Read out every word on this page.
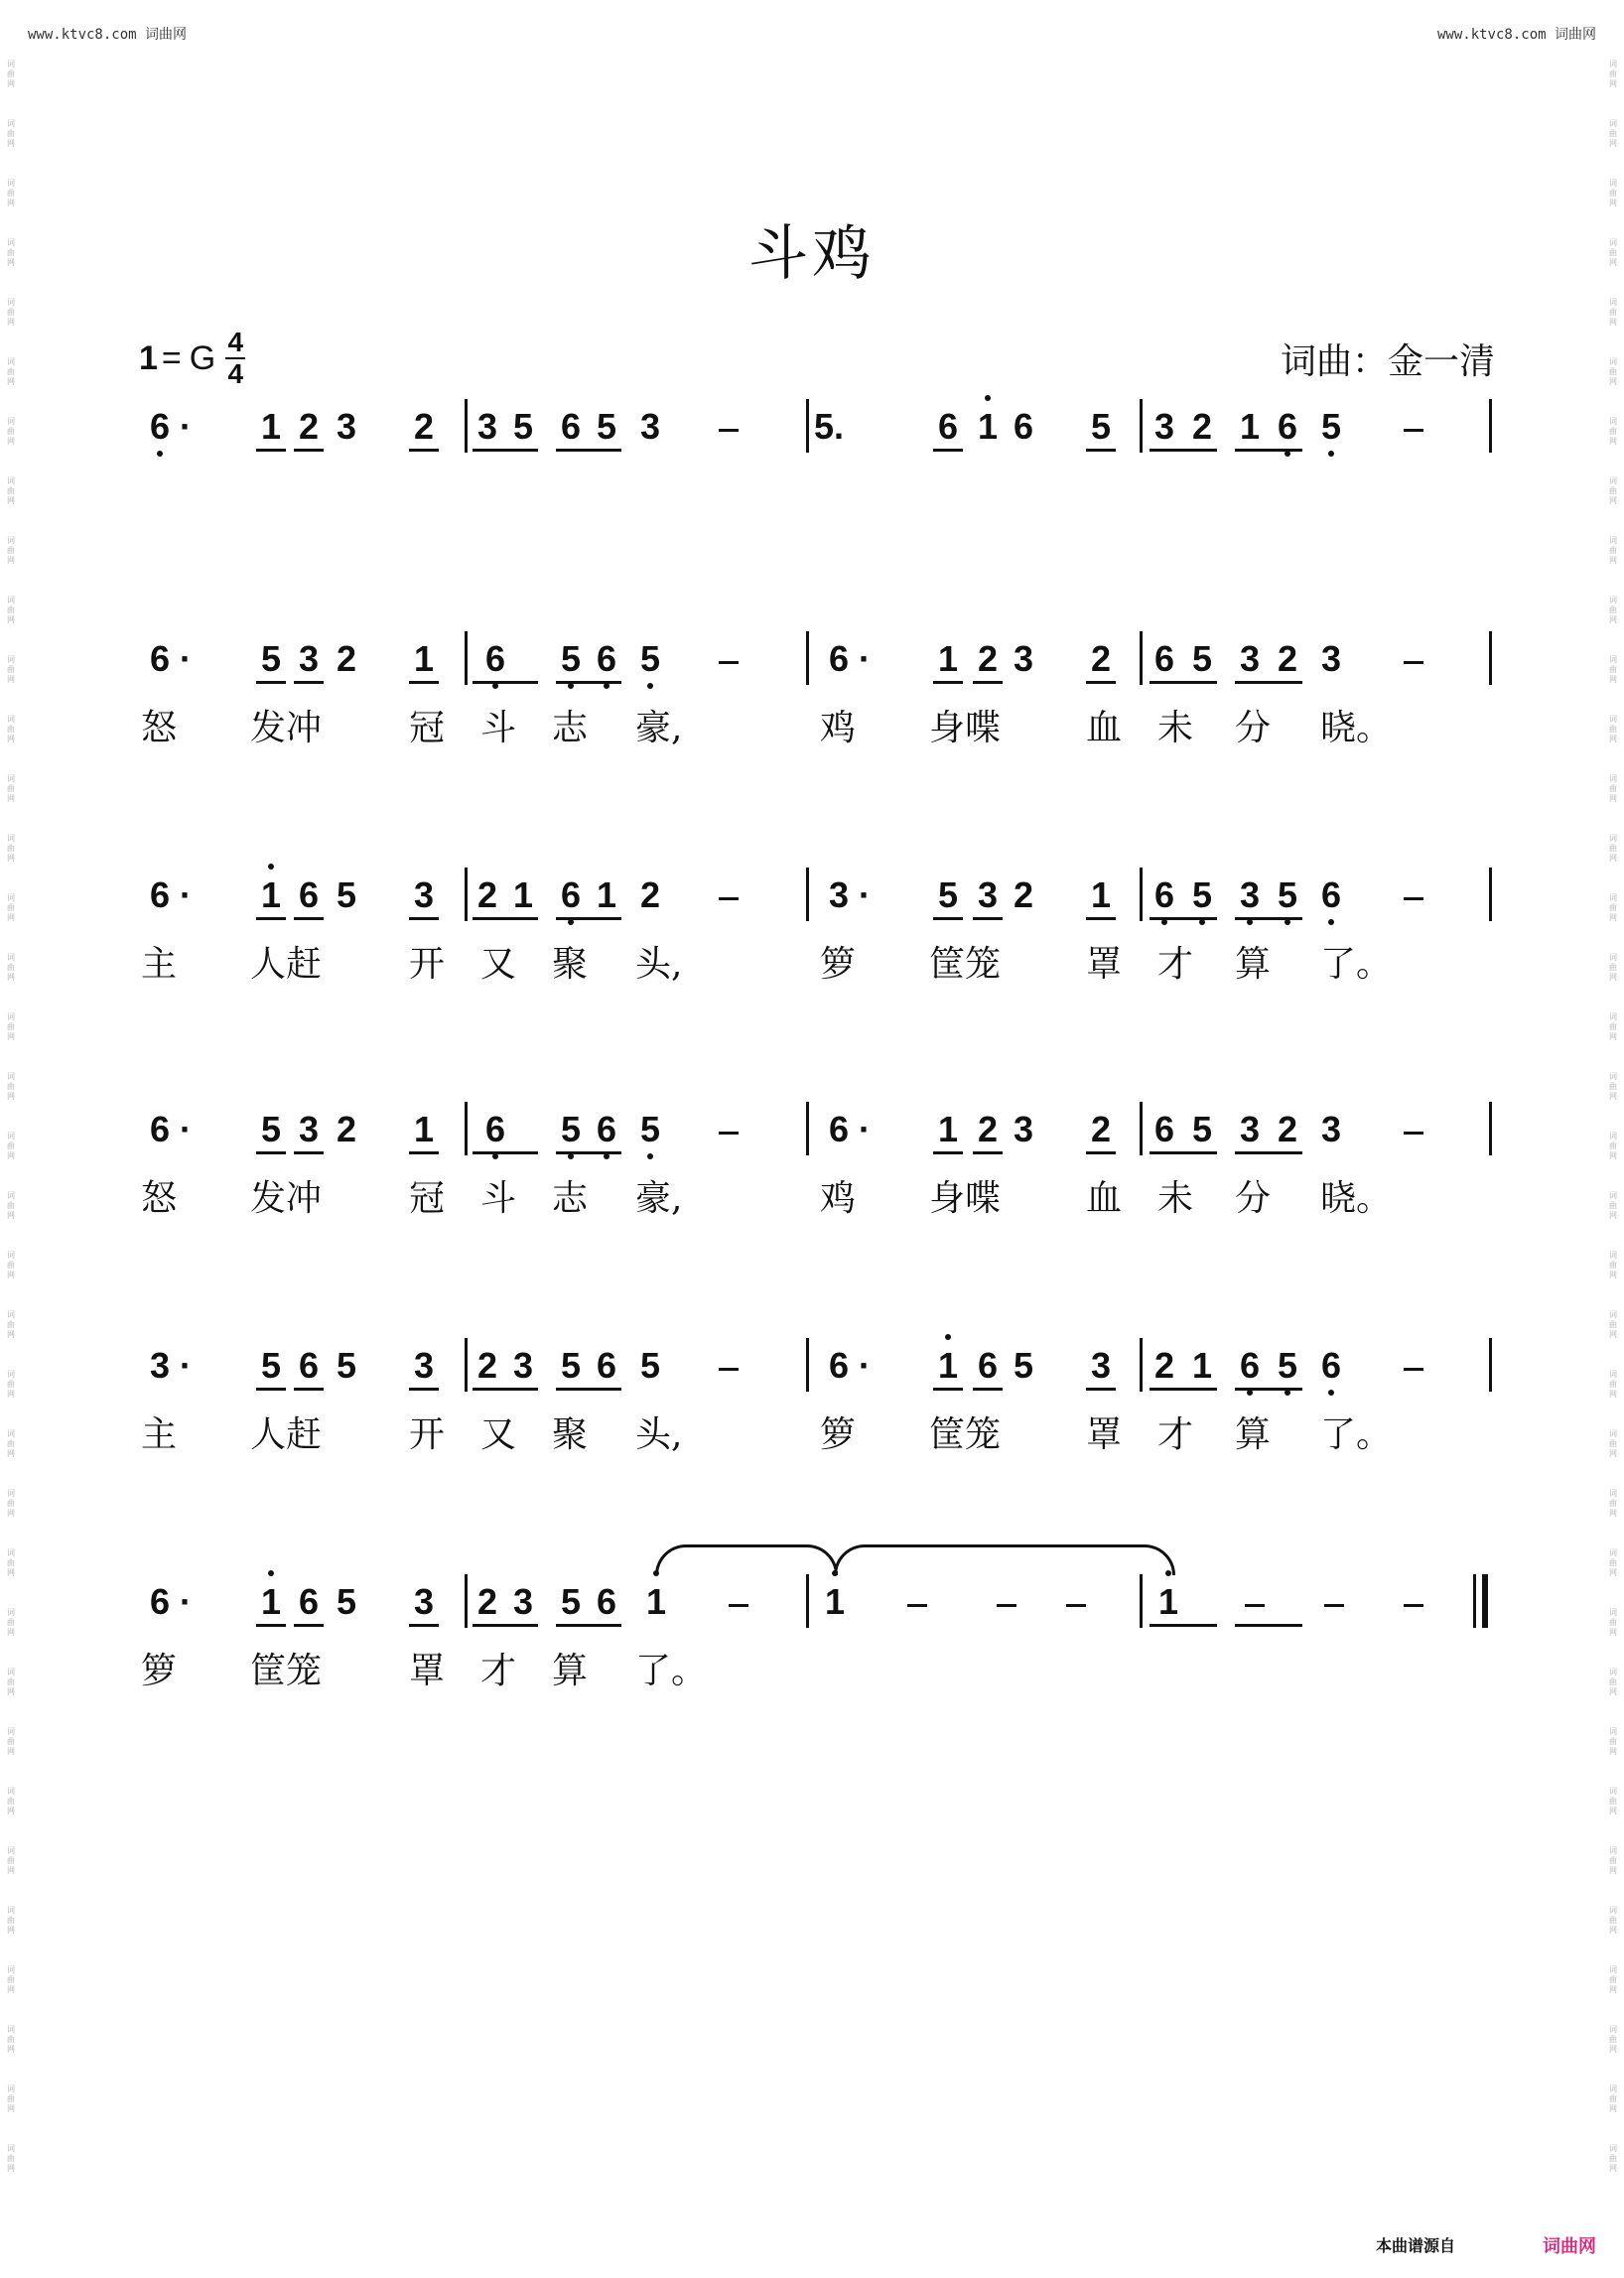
www.ktvc8.com 词曲网	www.ktvc8.com 词曲网
词
曲
网
词
曲
网
词
曲
网
词
曲
网
词
曲
网
词
曲
网
词
曲
网
词
曲
网
词
曲
网
词
曲
网
词
曲
网
词
曲
网
词
曲
网
词
曲
网
词
曲
网
词
曲
网
词
曲
网
词
曲
网
词
曲
网
词
曲
网
词
曲
网
词
曲
网
词
曲
网
词
曲
网
词
曲
网
词
曲
网
词
曲
网
词
曲
网
词
曲
网
词
曲
网
词
曲
网
词
曲
网
词
曲
网
词
曲
网
词
曲
网
词
曲
网
词
曲
网
词
曲
网
词
曲
网
词
曲
网
词
曲
网
词
曲
网
词
曲
网
词
曲
网
词
曲
网
词
曲
网
词
曲
网
词
曲
网
词
曲
网
词
曲
网
词
曲
网
词
曲
网
词
曲
网
词
曲
网
词
曲
网
词
曲
网
词
曲
网
词
曲
网
词
曲
网
词
曲
网
词
曲
网
词
曲
网
词
曲
网
词
曲
网
词
曲
网
词
曲
网
词
曲
网
词
曲
网
词
曲
网
词
曲
网
词
曲
网
词
曲
网
斗鸡
1 = G 4
4	词曲：金一清
6 · 1 2 3 2 3 5 6 5 3	5.	6 1 6 5 3 2 1 6 5
6 · 5 3 2 1 6 5 6 5	6 · 1 2 3 2 6 5 3 2 3
怒 发冲 冠 斗 志 豪,	鸡 身喋 血 未 分 晓。
6 · 1 6 5 3 2 1 6 1 2	3 · 5 3 2 1 6 5 3 5 6
主 人赶 开 又 聚 头,	箩 筐笼 罩 才 算 了。
6 · 5 3 2 1 6 5 6 5	6 · 1 2 3 2 6 5 3 2 3
怒 发冲 冠 斗 志 豪,	鸡 身喋 血 未 分 晓。
3 · 5 6 5 3 2 3 5 6 5	6 · 1 6 5 3 2 1 6 5 6
主 人赶 开 又 聚 头,	箩 筐笼 罩 才 算 了。
6 · 1 6 5 3 2 3 5 6 1	1	1
箩 筐笼 罩 才 算 了。
本曲谱源自	词曲网
